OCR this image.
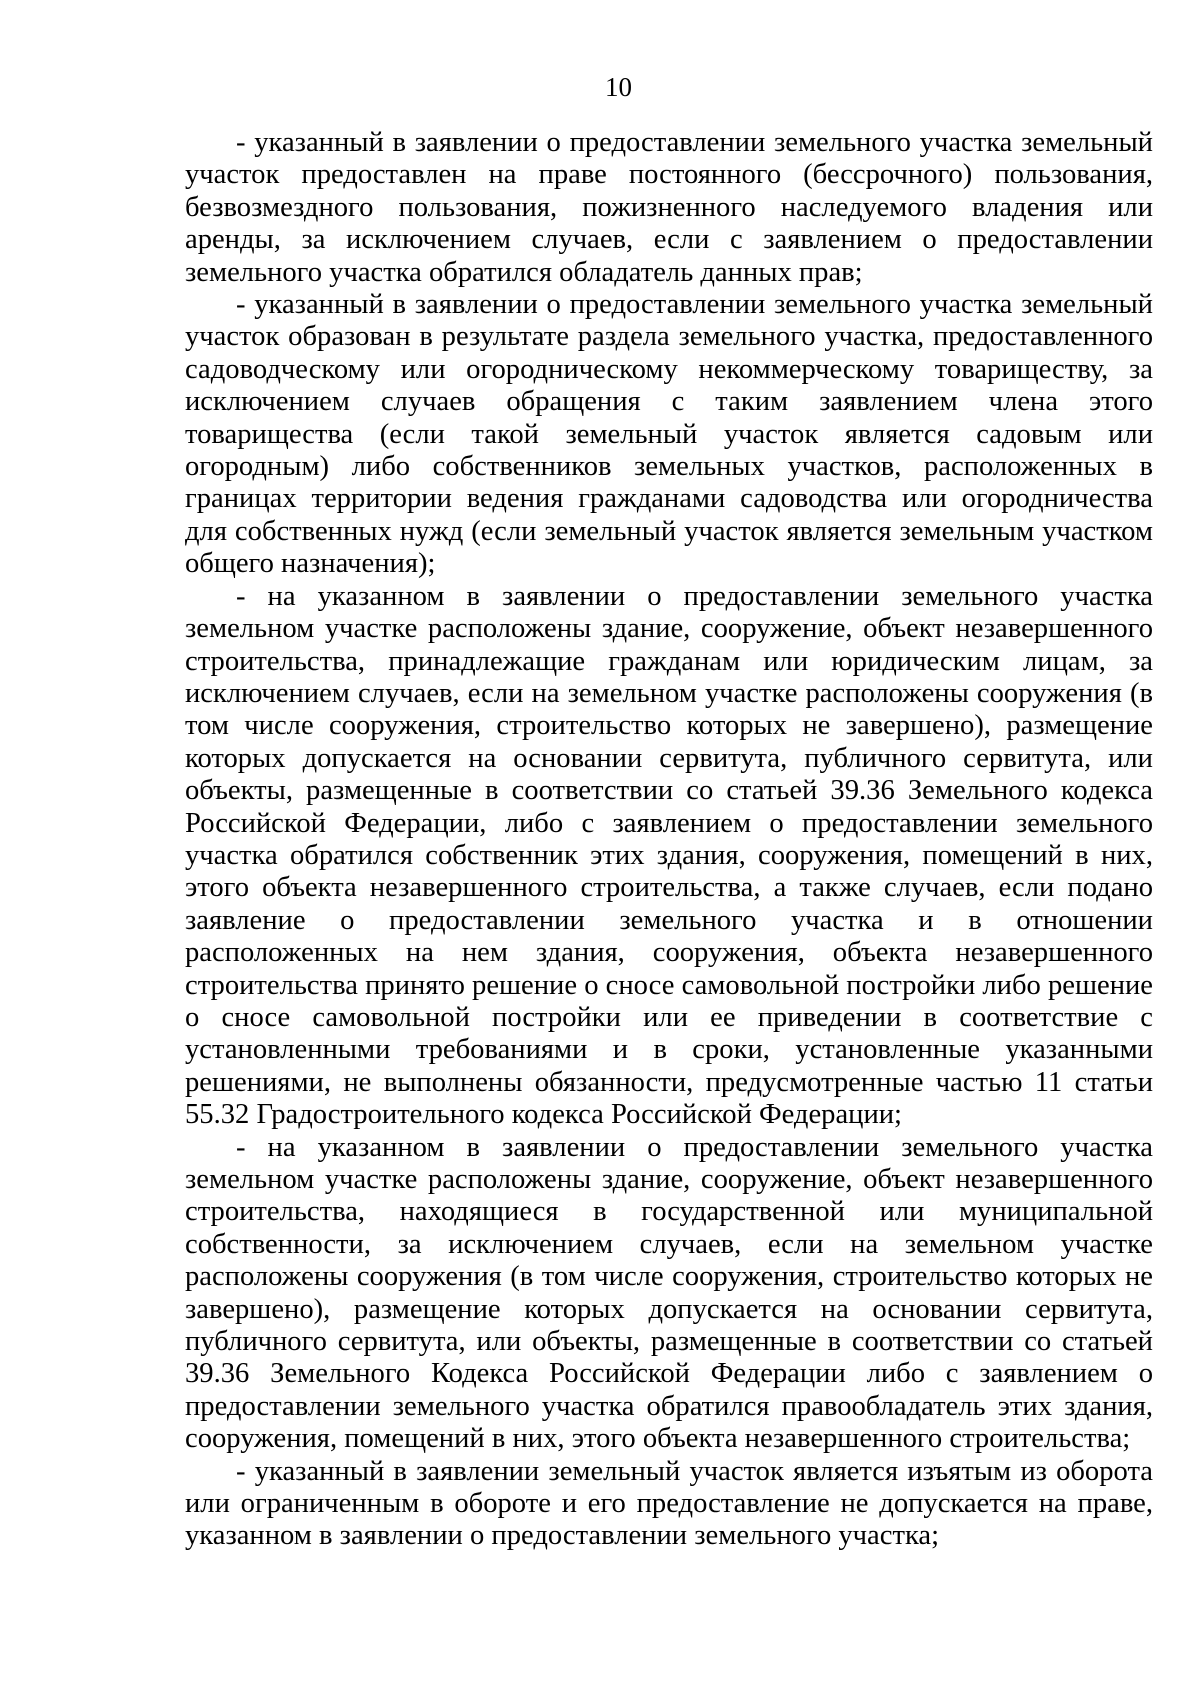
10

- указанный в заявлении о предоставлении земельного участка земельный участок предоставлен на праве постоянного (бессрочного) пользования, безвозмездного пользования, пожизненного наследуемого владения или аренды, за исключением случаев, если с заявлением о предоставлении земельного участка обратился обладатель данных прав;

- указанный в заявлении о предоставлении земельного участка земельный участок образован в результате раздела земельного участка, предоставленного садоводческому или огородническому некоммерческому товариществу, за исключением случаев обращения с таким заявлением члена этого товарищества (если такой земельный участок является садовым или огородным) либо собственников земельных участков, расположенных в границах территории ведения гражданами садоводства или огородничества для собственных нужд (если земельный участок является земельным участком общего назначения);

- на указанном в заявлении о предоставлении земельного участка земельном участке расположены здание, сооружение, объект незавершенного строительства, принадлежащие гражданам или юридическим лицам, за исключением случаев, если на земельном участке расположены сооружения (в том числе сооружения, строительство которых не завершено), размещение которых допускается на основании сервитута, публичного сервитута, или объекты, размещенные в соответствии со статьей 39.36 Земельного кодекса Российской Федерации, либо с заявлением о предоставлении земельного участка обратился собственник этих здания, сооружения, помещений в них, этого объекта незавершенного строительства, а также случаев, если подано заявление о предоставлении земельного участка и в отношении расположенных на нем здания, сооружения, объекта незавершенного строительства принято решение о сносе самовольной постройки либо решение о сносе самовольной постройки или ее приведении в соответствие с установленными требованиями и в сроки, установленные указанными решениями, не выполнены обязанности, предусмотренные частью 11 статьи 55.32 Градостроительного кодекса Российской Федерации;

- на указанном в заявлении о предоставлении земельного участка земельном участке расположены здание, сооружение, объект незавершенного строительства, находящиеся в государственной или муниципальной собственности, за исключением случаев, если на земельном участке расположены сооружения (в том числе сооружения, строительство которых не завершено), размещение которых допускается на основании сервитута, публичного сервитута, или объекты, размещенные в соответствии со статьей 39.36 Земельного Кодекса Российской Федерации либо с заявлением о предоставлении земельного участка обратился правообладатель этих здания, сооружения, помещений в них, этого объекта незавершенного строительства;

- указанный в заявлении земельный участок является изъятым из оборота или ограниченным в обороте и его предоставление не допускается на праве, указанном в заявлении о предоставлении земельного участка;
